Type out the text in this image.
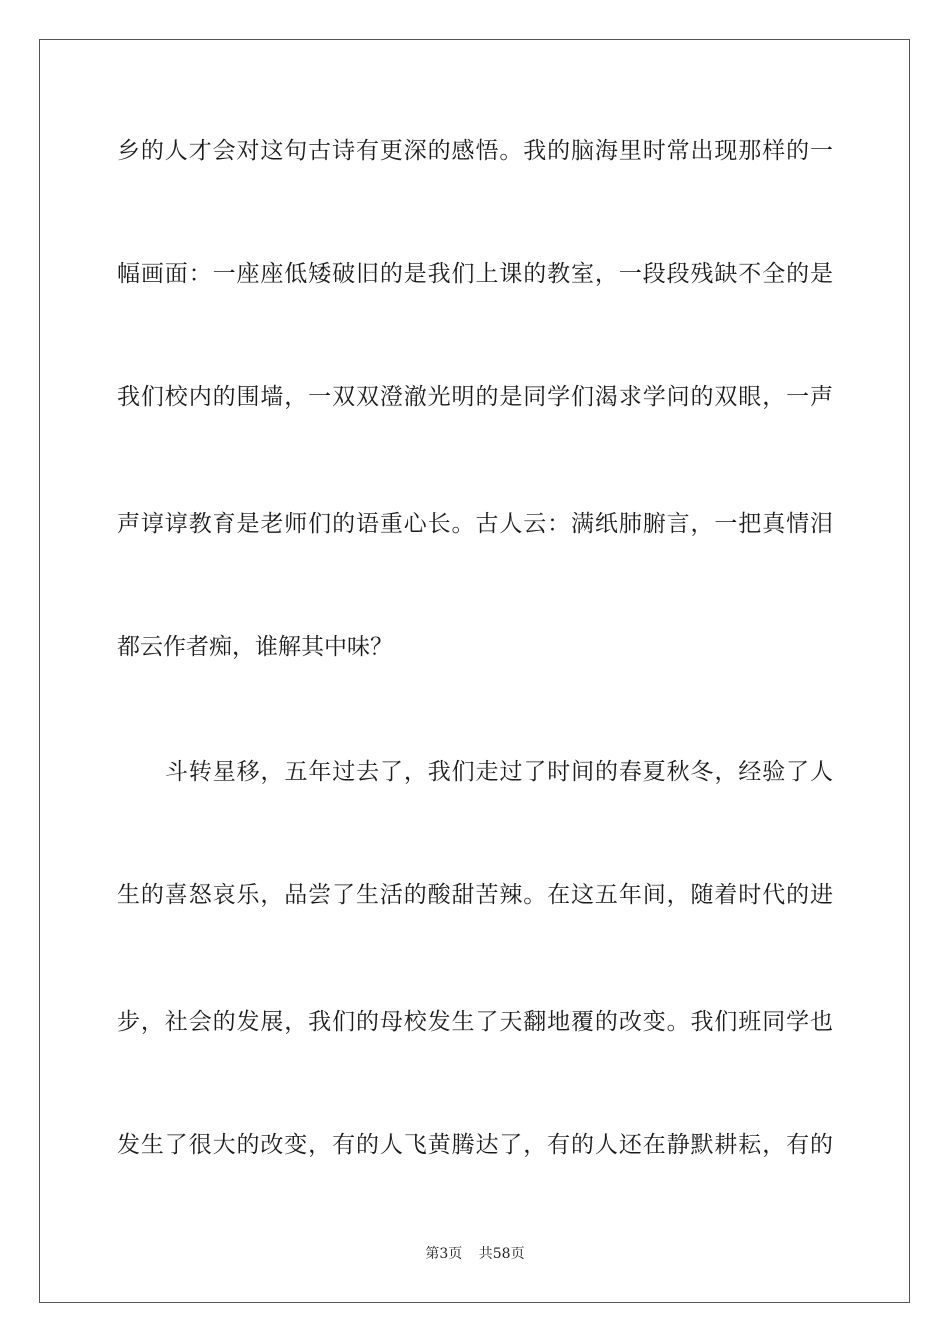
乡的人才会对这句古诗有更深的感悟。我的脑海里时常出现那样的一
幅画面：一座座低矮破旧的是我们上课的教室，一段段残缺不全的是
我们校内的围墙，一双双澄澈光明的是同学们渴求学问的双眼，一声
声谆谆教育是老师们的语重心长。古人云：满纸肺腑言，一把真情泪
都云作者痴，谁解其中味？
斗转星移，五年过去了，我们走过了时间的春夏秋冬，经验了人
生的喜怒哀乐，品尝了生活的酸甜苦辣。在这五年间，随着时代的进
步，社会的发展，我们的母校发生了天翻地覆的改变。我们班同学也
发生了很大的改变，有的人飞黄腾达了，有的人还在静默耕耘，有的
第3页 共58页
